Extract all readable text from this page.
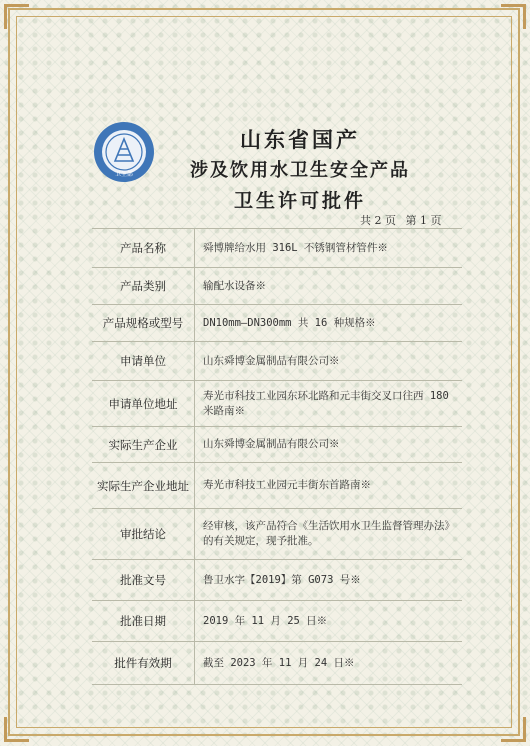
卫生部
山东省国产
涉及饮用水卫生安全产品
卫生许可批件
共 2 页 第 1 页
产品名称	舜博牌给水用 316L 不锈钢管材管件※
产品类别	输配水设备※
产品规格或型号	DN10mm—DN300mm 共 16 种规格※
申请单位	山东舜博金属制品有限公司※
申请单位地址	寿光市科技工业园东环北路和元丰街交叉口往西 180 米路南※
实际生产企业	山东舜博金属制品有限公司※
实际生产企业地址	寿光市科技工业园元丰街东首路南※
审批结论	经审核，该产品符合《生活饮用水卫生监督管理办法》的有关规定，现予批准。
批准文号	鲁卫水字【2019】第 G073 号※
批准日期	2019 年 11 月 25 日※
批件有效期	截至 2023 年 11 月 24 日※
